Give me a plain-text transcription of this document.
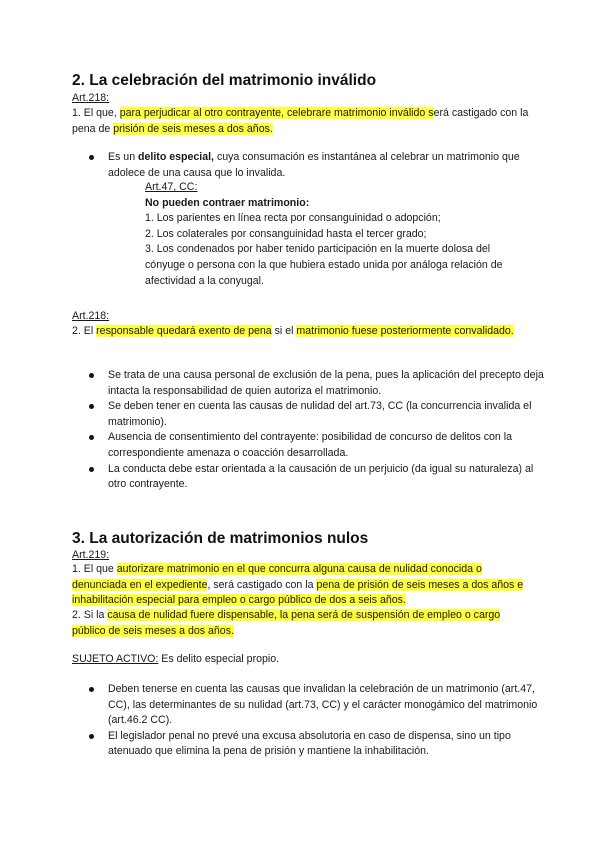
2. La celebración del matrimonio inválido
Art.218:
1. El que, para perjudicar al otro contrayente, celebrare matrimonio inválido será castigado con la pena de prisión de seis meses a dos años.
Es un delito especial, cuya consumación es instantánea al celebrar un matrimonio que adolece de una causa que lo invalida.
Art.47, CC:
No pueden contraer matrimonio:
1. Los parientes en línea recta por consanguinidad o adopción;
2. Los colaterales por consanguinidad hasta el tercer grado;
3. Los condenados por haber tenido participación en la muerte dolosa del cónyuge o persona con la que hubiera estado unida por análoga relación de afectividad a la conyugal.
Art.218:
2. El responsable quedará exento de pena si el matrimonio fuese posteriormente convalidado.
Se trata de una causa personal de exclusión de la pena, pues la aplicación del precepto deja intacta la responsabilidad de quien autoriza el matrimonio.
Se deben tener en cuenta las causas de nulidad del art.73, CC (la concurrencia invalida el matrimonio).
Ausencia de consentimiento del contrayente: posibilidad de concurso de delitos con la correspondiente amenaza o coacción desarrollada.
La conducta debe estar orientada a la causación de un perjuicio (da igual su naturaleza) al otro contrayente.
3. La autorización de matrimonios nulos
Art.219:
1. El que autorizare matrimonio en el que concurra alguna causa de nulidad conocida o denunciada en el expediente, será castigado con la pena de prisión de seis meses a dos años e inhabilitación especial para empleo o cargo público de dos a seis años.
2. Si la causa de nulidad fuere dispensable, la pena será de suspensión de empleo o cargo público de seis meses a dos años.
SUJETO ACTIVO: Es delito especial propio.
Deben tenerse en cuenta las causas que invalidan la celebración de un matrimonio (art.47, CC), las determinantes de su nulidad (art.73, CC) y el carácter monogámico del matrimonio (art.46.2 CC).
El legislador penal no prevé una excusa absolutoria en caso de dispensa, sino un tipo atenuado que elimina la pena de prisión y mantiene la inhabilitación.
